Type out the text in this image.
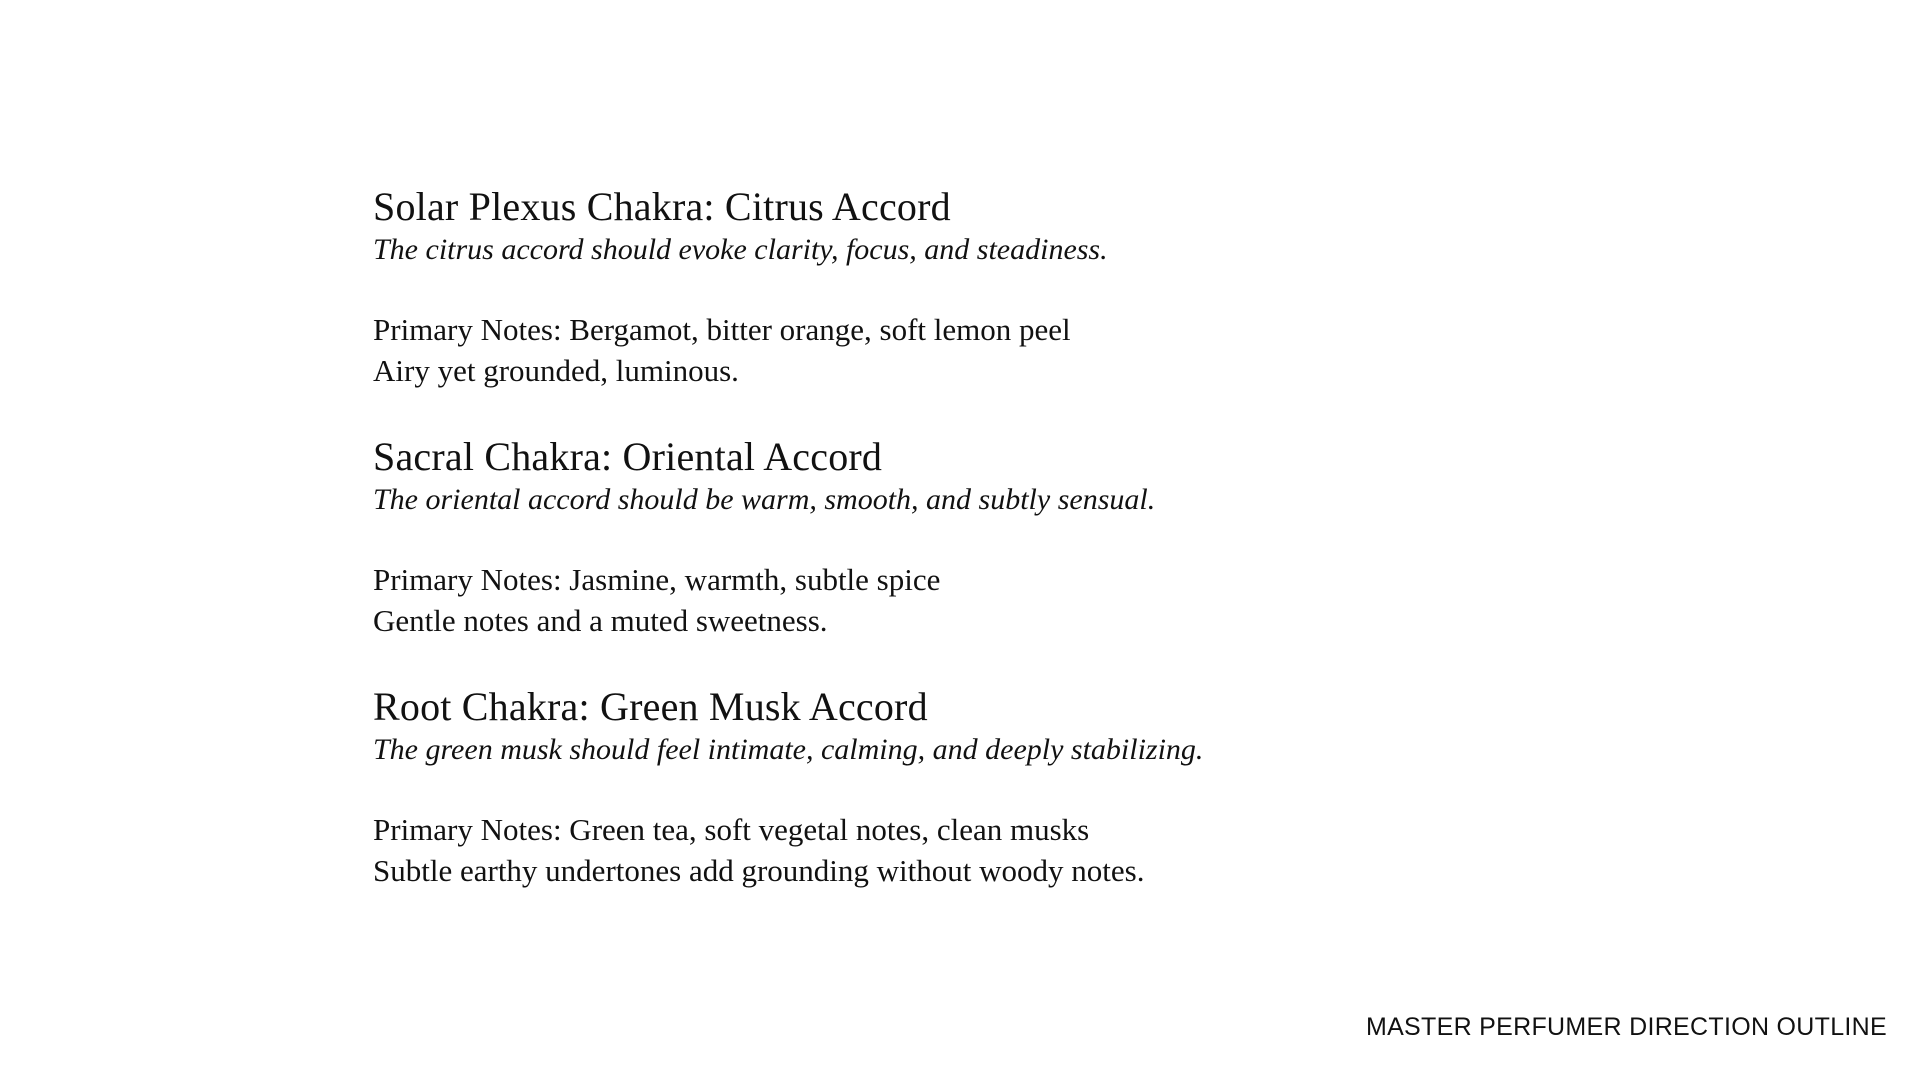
Solar Plexus Chakra: Citrus Accord

The citrus accord should evoke clarity, focus, and steadiness.

Primary Notes: Bergamot, bitter orange, soft lemon peel

Airy yet grounded, luminous.

Sacral Chakra: Oriental Accord

The oriental accord should be warm, smooth, and subtly sensual.

Primary Notes: Jasmine, warmth, subtle spice

Gentle notes and a muted sweetness.

Root Chakra: Green Musk Accord

The green musk should feel intimate, calming, and deeply stabilizing.

Primary Notes: Green tea, soft vegetal notes, clean musks

Subtle earthy undertones add grounding without woody notes.

MASTER PERFUMER DIRECTION OUTLINE
